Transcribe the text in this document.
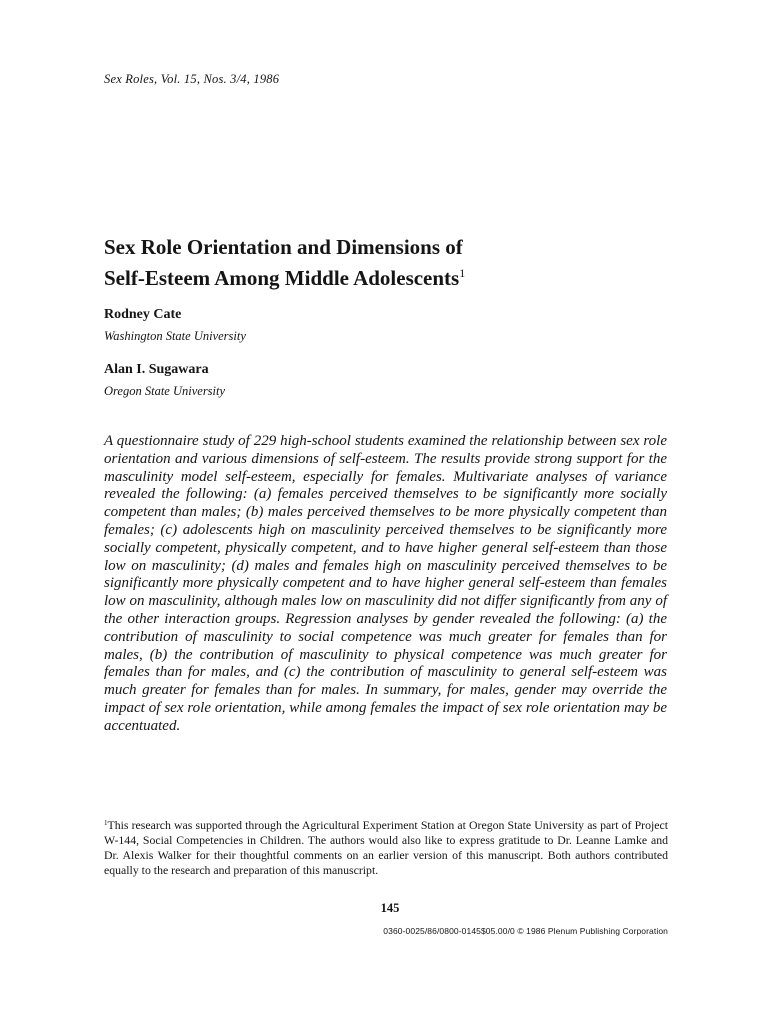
Sex Roles, Vol. 15, Nos. 3/4, 1986
Sex Role Orientation and Dimensions of
Self-Esteem Among Middle Adolescents$^1$
Rodney Cate
Washington State University
Alan I. Sugawara
Oregon State University

A questionnaire study of 229 high-school students examined the relationship between sex role orientation and various dimensions of self-esteem. The results provide strong support for the masculinity model self-esteem, especially for females. Multivariate analyses of variance revealed the following: (a) females perceived themselves to be significantly more socially competent than males; (b) males perceived themselves to be more physically competent than females; (c) adolescents high on masculinity perceived themselves to be significantly more socially competent, physically competent, and to have higher general self-esteem than those low on masculinity; (d) males and females high on masculinity perceived themselves to be significantly more physically competent and to have higher general self-esteem than females low on masculinity, although males low on masculinity did not differ significantly from any of the other interaction groups. Regression analyses by gender revealed the following: (a) the contribution of masculinity to social competence was much greater for females than for males, (b) the contribution of masculinity to physical competence was much greater for females than for males, and (c) the contribution of masculinity to general self-esteem was much greater for females than for males. In summary, for males, gender may override the impact of sex role orientation, while among females the impact of sex role orientation may be accentuated.

$^1$This research was supported through the Agricultural Experiment Station at Oregon State University as part of Project W-144, Social Competencies in Children. The authors would also like to express gratitude to Dr. Leanne Lamke and Dr. Alexis Walker for their thoughtful comments on an earlier version of this manuscript. Both authors contributed equally to the research and preparation of this manuscript.

145
0360-0025/86/0800-0145$05.00/0 © 1986 Plenum Publishing Corporation
